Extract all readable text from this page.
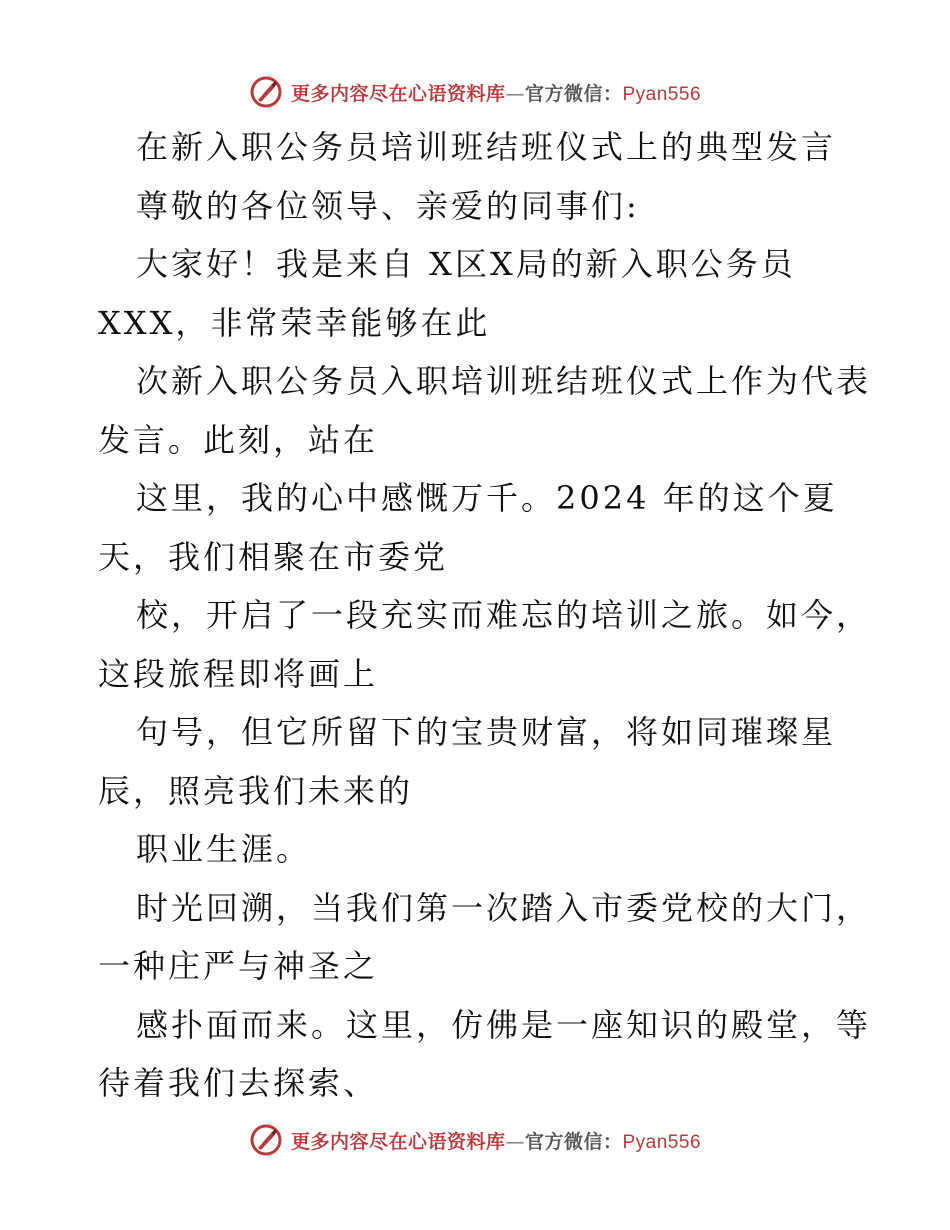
更多内容尽在心语资料库—官方微信：Pyan556
在新入职公务员培训班结班仪式上的典型发言
尊敬的各位领导、亲爱的同事们:
大家好！我是来自 X区X局的新入职公务员
XXX，非常荣幸能够在此
次新入职公务员入职培训班结班仪式上作为代表
发言。此刻，站在
这里，我的心中感慨万千。2024 年的这个夏
天，我们相聚在市委党
校，开启了一段充实而难忘的培训之旅。如今，
这段旅程即将画上
句号，但它所留下的宝贵财富，将如同璀璨星
辰，照亮我们未来的
职业生涯。
时光回溯，当我们第一次踏入市委党校的大门，
一种庄严与神圣之
感扑面而来。这里，仿佛是一座知识的殿堂，等
待着我们去探索、
更多内容尽在心语资料库—官方微信：Pyan556
